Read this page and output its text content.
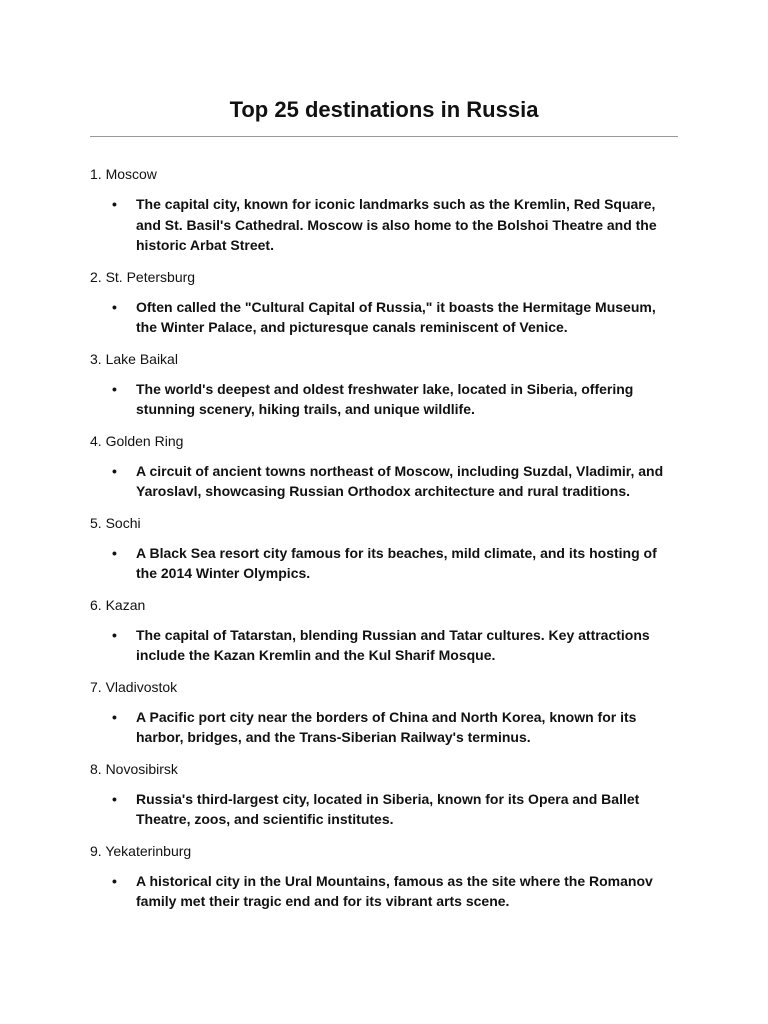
Top 25 destinations in Russia

1. Moscow

• The capital city, known for iconic landmarks such as the Kremlin, Red Square, and St. Basil's Cathedral. Moscow is also home to the Bolshoi Theatre and the historic Arbat Street.

2. St. Petersburg

• Often called the "Cultural Capital of Russia," it boasts the Hermitage Museum, the Winter Palace, and picturesque canals reminiscent of Venice.

3. Lake Baikal

• The world's deepest and oldest freshwater lake, located in Siberia, offering stunning scenery, hiking trails, and unique wildlife.

4. Golden Ring

• A circuit of ancient towns northeast of Moscow, including Suzdal, Vladimir, and Yaroslavl, showcasing Russian Orthodox architecture and rural traditions.

5. Sochi

• A Black Sea resort city famous for its beaches, mild climate, and its hosting of the 2014 Winter Olympics.

6. Kazan

• The capital of Tatarstan, blending Russian and Tatar cultures. Key attractions include the Kazan Kremlin and the Kul Sharif Mosque.

7. Vladivostok

• A Pacific port city near the borders of China and North Korea, known for its harbor, bridges, and the Trans-Siberian Railway's terminus.

8. Novosibirsk

• Russia's third-largest city, located in Siberia, known for its Opera and Ballet Theatre, zoos, and scientific institutes.

9. Yekaterinburg

• A historical city in the Ural Mountains, famous as the site where the Romanov family met their tragic end and for its vibrant arts scene.
